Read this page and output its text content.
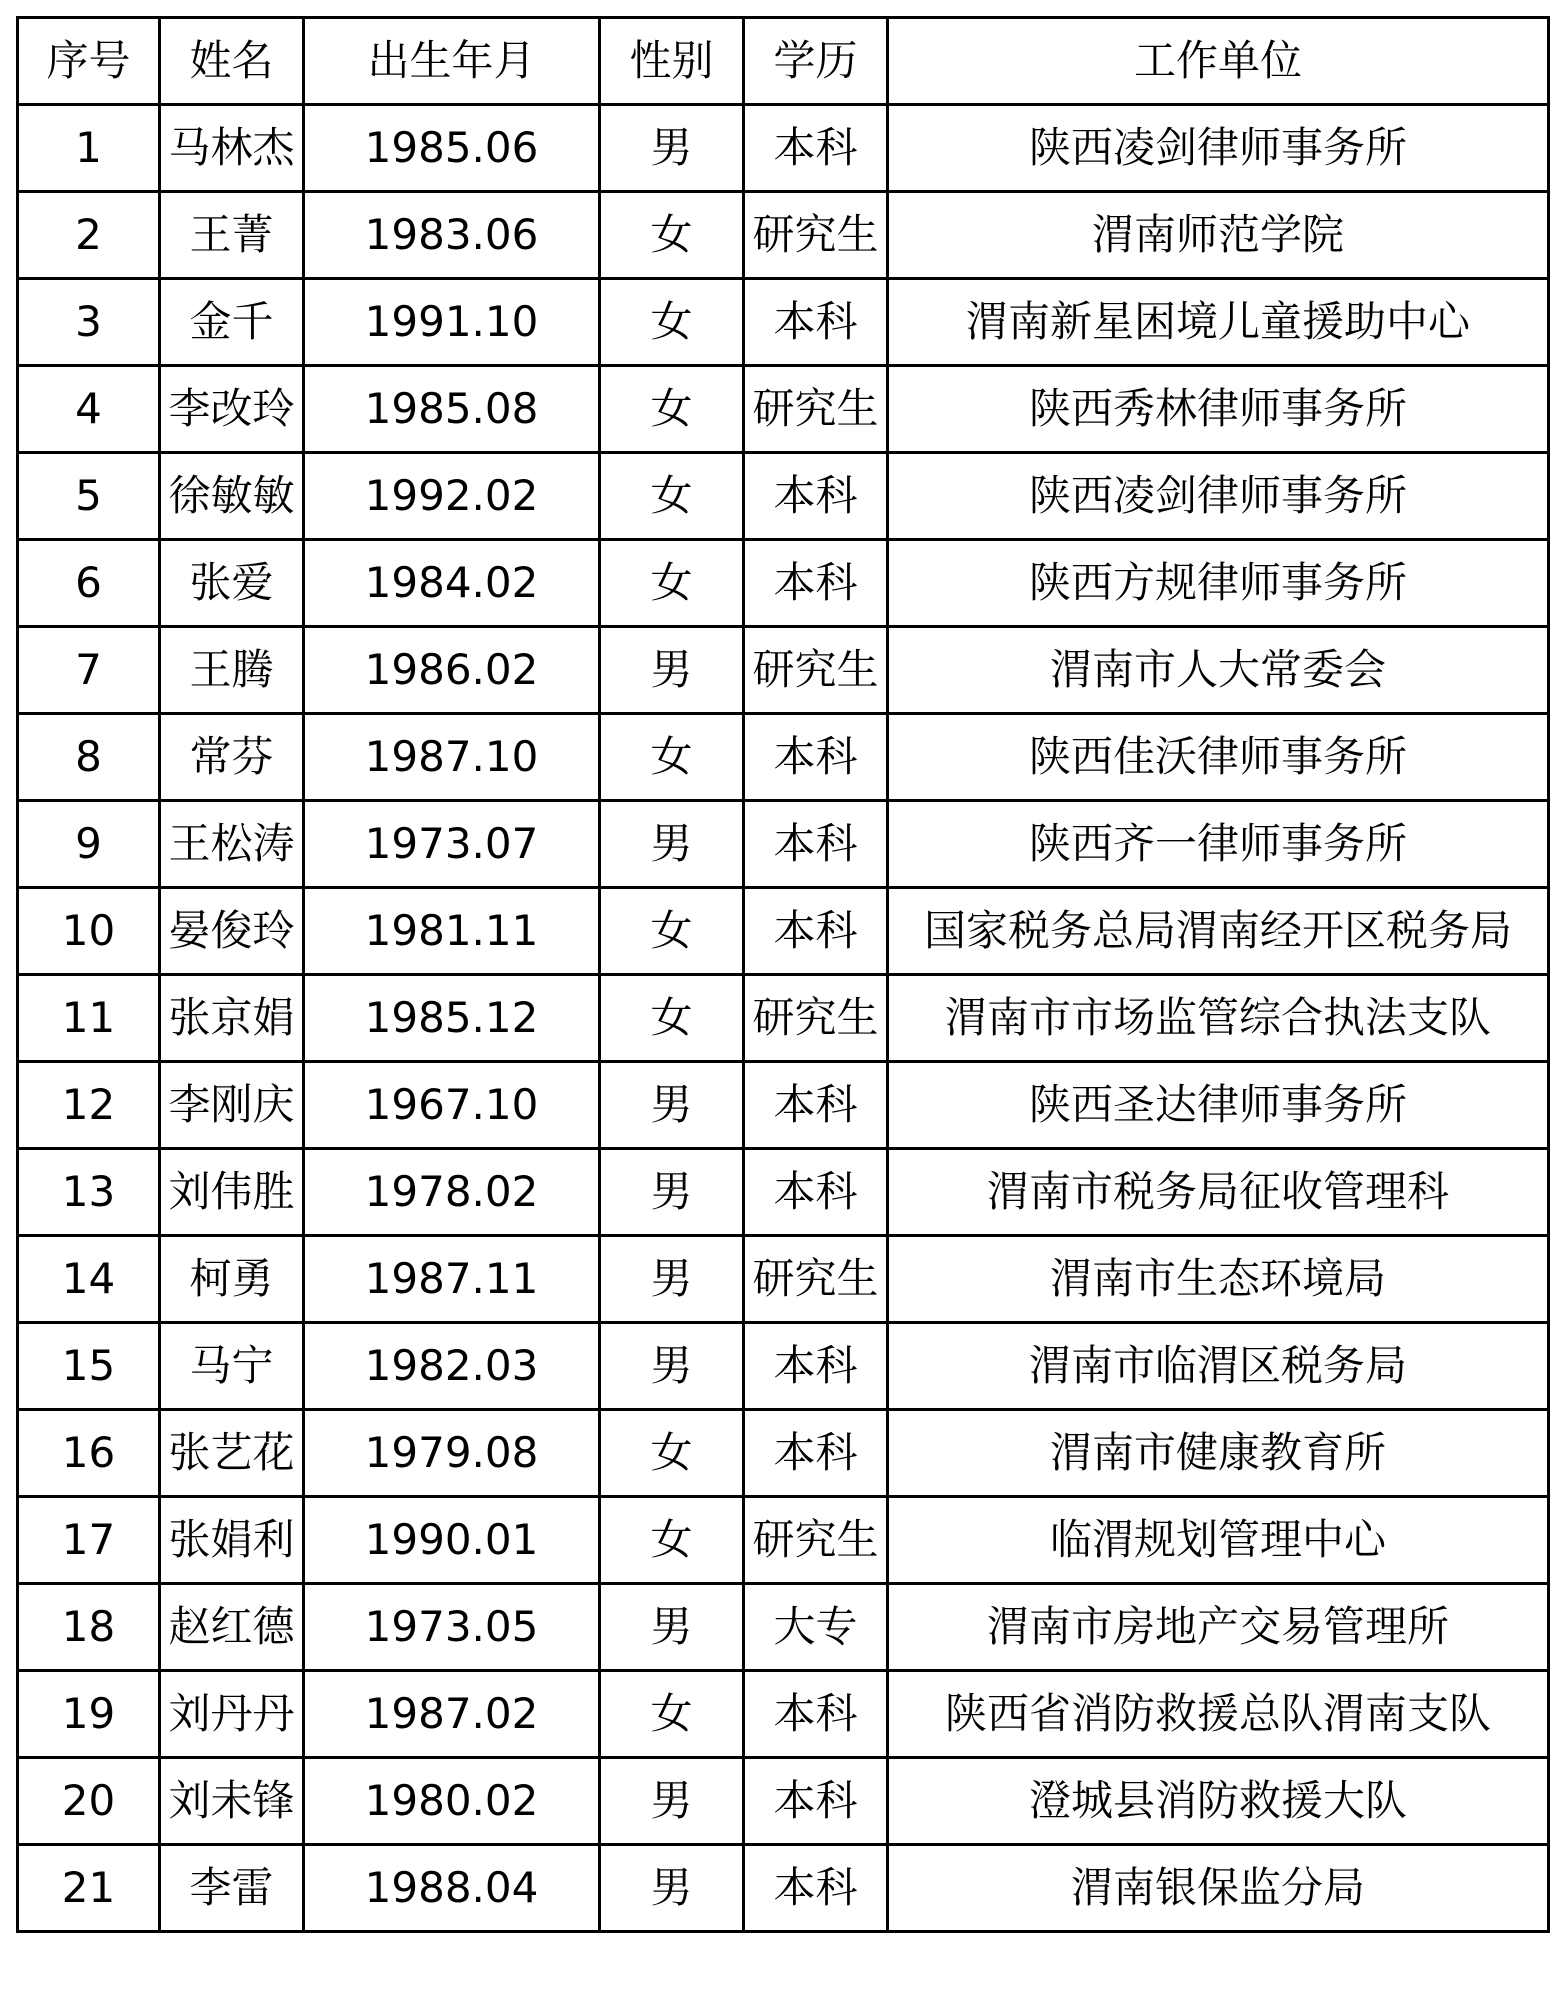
序号	姓名	出生年月	性别	学历	工作单位
1	马林杰	1985.06	男	本科	陕西凌剑律师事务所
2	王菁	1983.06	女	研究生	渭南师范学院
3	金千	1991.10	女	本科	渭南新星困境儿童援助中心
4	李改玲	1985.08	女	研究生	陕西秀林律师事务所
5	徐敏敏	1992.02	女	本科	陕西凌剑律师事务所
6	张爱	1984.02	女	本科	陕西方规律师事务所
7	王腾	1986.02	男	研究生	渭南市人大常委会
8	常芬	1987.10	女	本科	陕西佳沃律师事务所
9	王松涛	1973.07	男	本科	陕西齐一律师事务所
10	晏俊玲	1981.11	女	本科	国家税务总局渭南经开区税务局
11	张京娟	1985.12	女	研究生	渭南市市场监管综合执法支队
12	李刚庆	1967.10	男	本科	陕西圣达律师事务所
13	刘伟胜	1978.02	男	本科	渭南市税务局征收管理科
14	柯勇	1987.11	男	研究生	渭南市生态环境局
15	马宁	1982.03	男	本科	渭南市临渭区税务局
16	张艺花	1979.08	女	本科	渭南市健康教育所
17	张娟利	1990.01	女	研究生	临渭规划管理中心
18	赵红德	1973.05	男	大专	渭南市房地产交易管理所
19	刘丹丹	1987.02	女	本科	陕西省消防救援总队渭南支队
20	刘未锋	1980.02	男	本科	澄城县消防救援大队
21	李雷	1988.04	男	本科	渭南银保监分局
